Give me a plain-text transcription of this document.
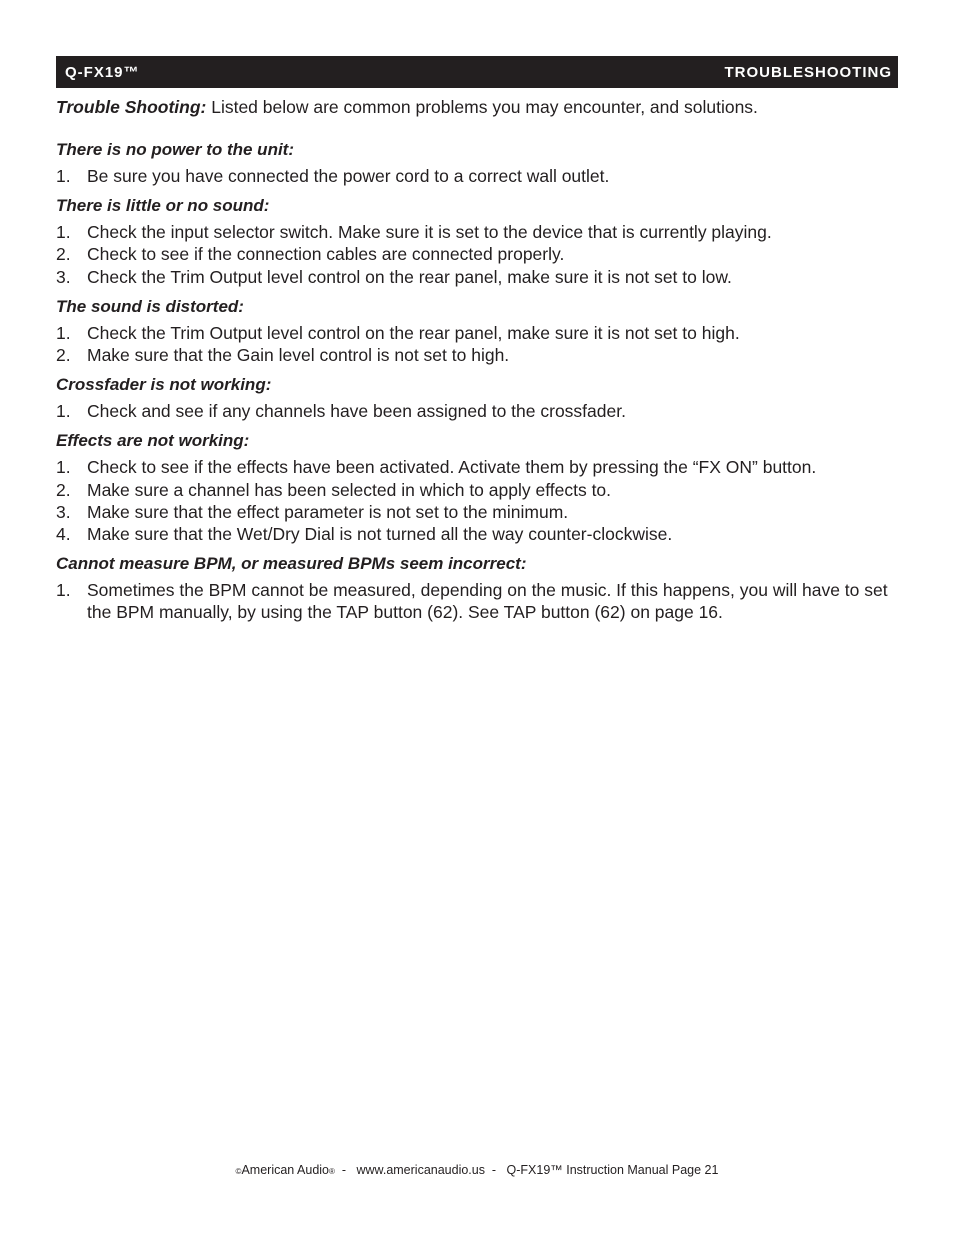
Q-FX19™	TROUBLESHOOTING

Trouble Shooting: Listed below are common problems you may encounter, and solutions.

There is no power to the unit:
1. Be sure you have connected the power cord to a correct wall outlet.
There is little or no sound:
1. Check the input selector switch. Make sure it is set to the device that is currently playing.
2. Check to see if the connection cables are connected properly.
3. Check the Trim Output level control on the rear panel, make sure it is not set to low.
The sound is distorted:
1. Check the Trim Output level control on the rear panel, make sure it is not set to high.
2. Make sure that the Gain level control is not set to high.
Crossfader is not working:
1. Check and see if any channels have been assigned to the crossfader.
Effects are not working:
1. Check to see if the effects have been activated. Activate them by pressing the “FX ON” button.
2. Make sure a channel has been selected in which to apply effects to.
3. Make sure that the effect parameter is not set to the minimum.
4. Make sure that the Wet/Dry Dial is not turned all the way counter-clockwise.
Cannot measure BPM, or measured BPMs seem incorrect:
1. Sometimes the BPM cannot be measured, depending on the music. If this happens, you will have to set the BPM manually, by using the TAP button (62). See TAP button (62) on page 16.
©American Audio®  -   www.americanaudio.us  -   Q-FX19™ Instruction Manual Page 21
